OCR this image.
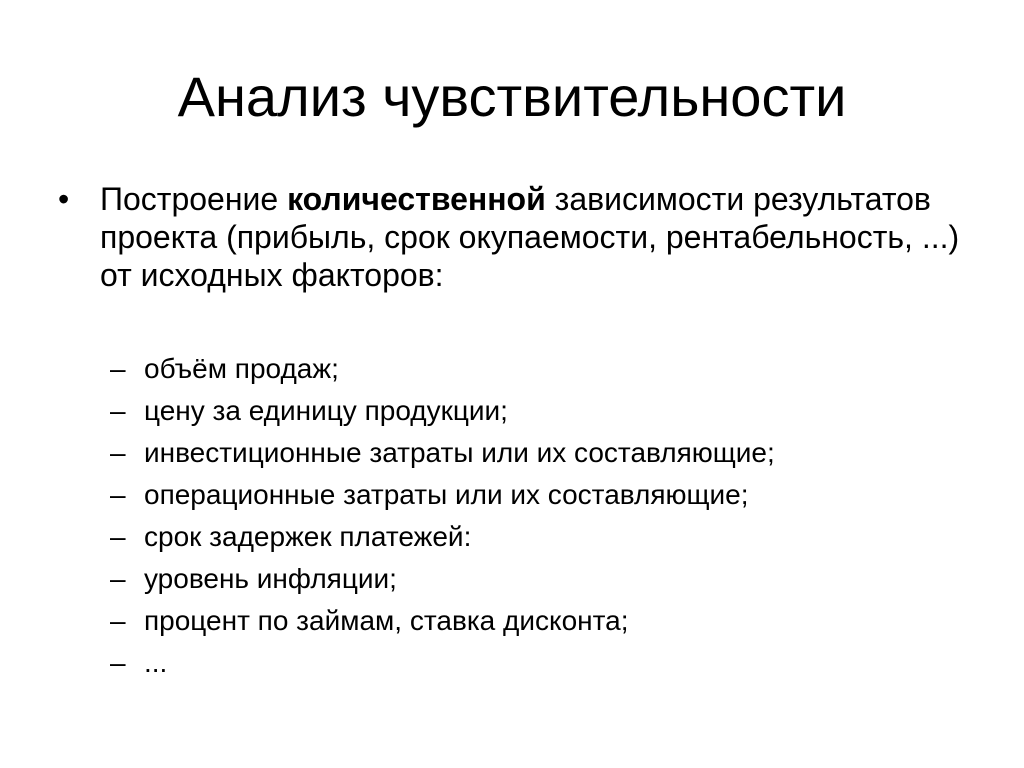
Анализ чувствительности
• Построение количественной зависимости результатов проекта (прибыль, срок окупаемости, рентабельность, ...) от исходных факторов:
– объём продаж;
– цену за единицу продукции;
– инвестиционные затраты или их составляющие;
– операционные затраты или их составляющие;
– срок задержек платежей:
– уровень инфляции;
– процент по займам, ставка дисконта;
– ...
